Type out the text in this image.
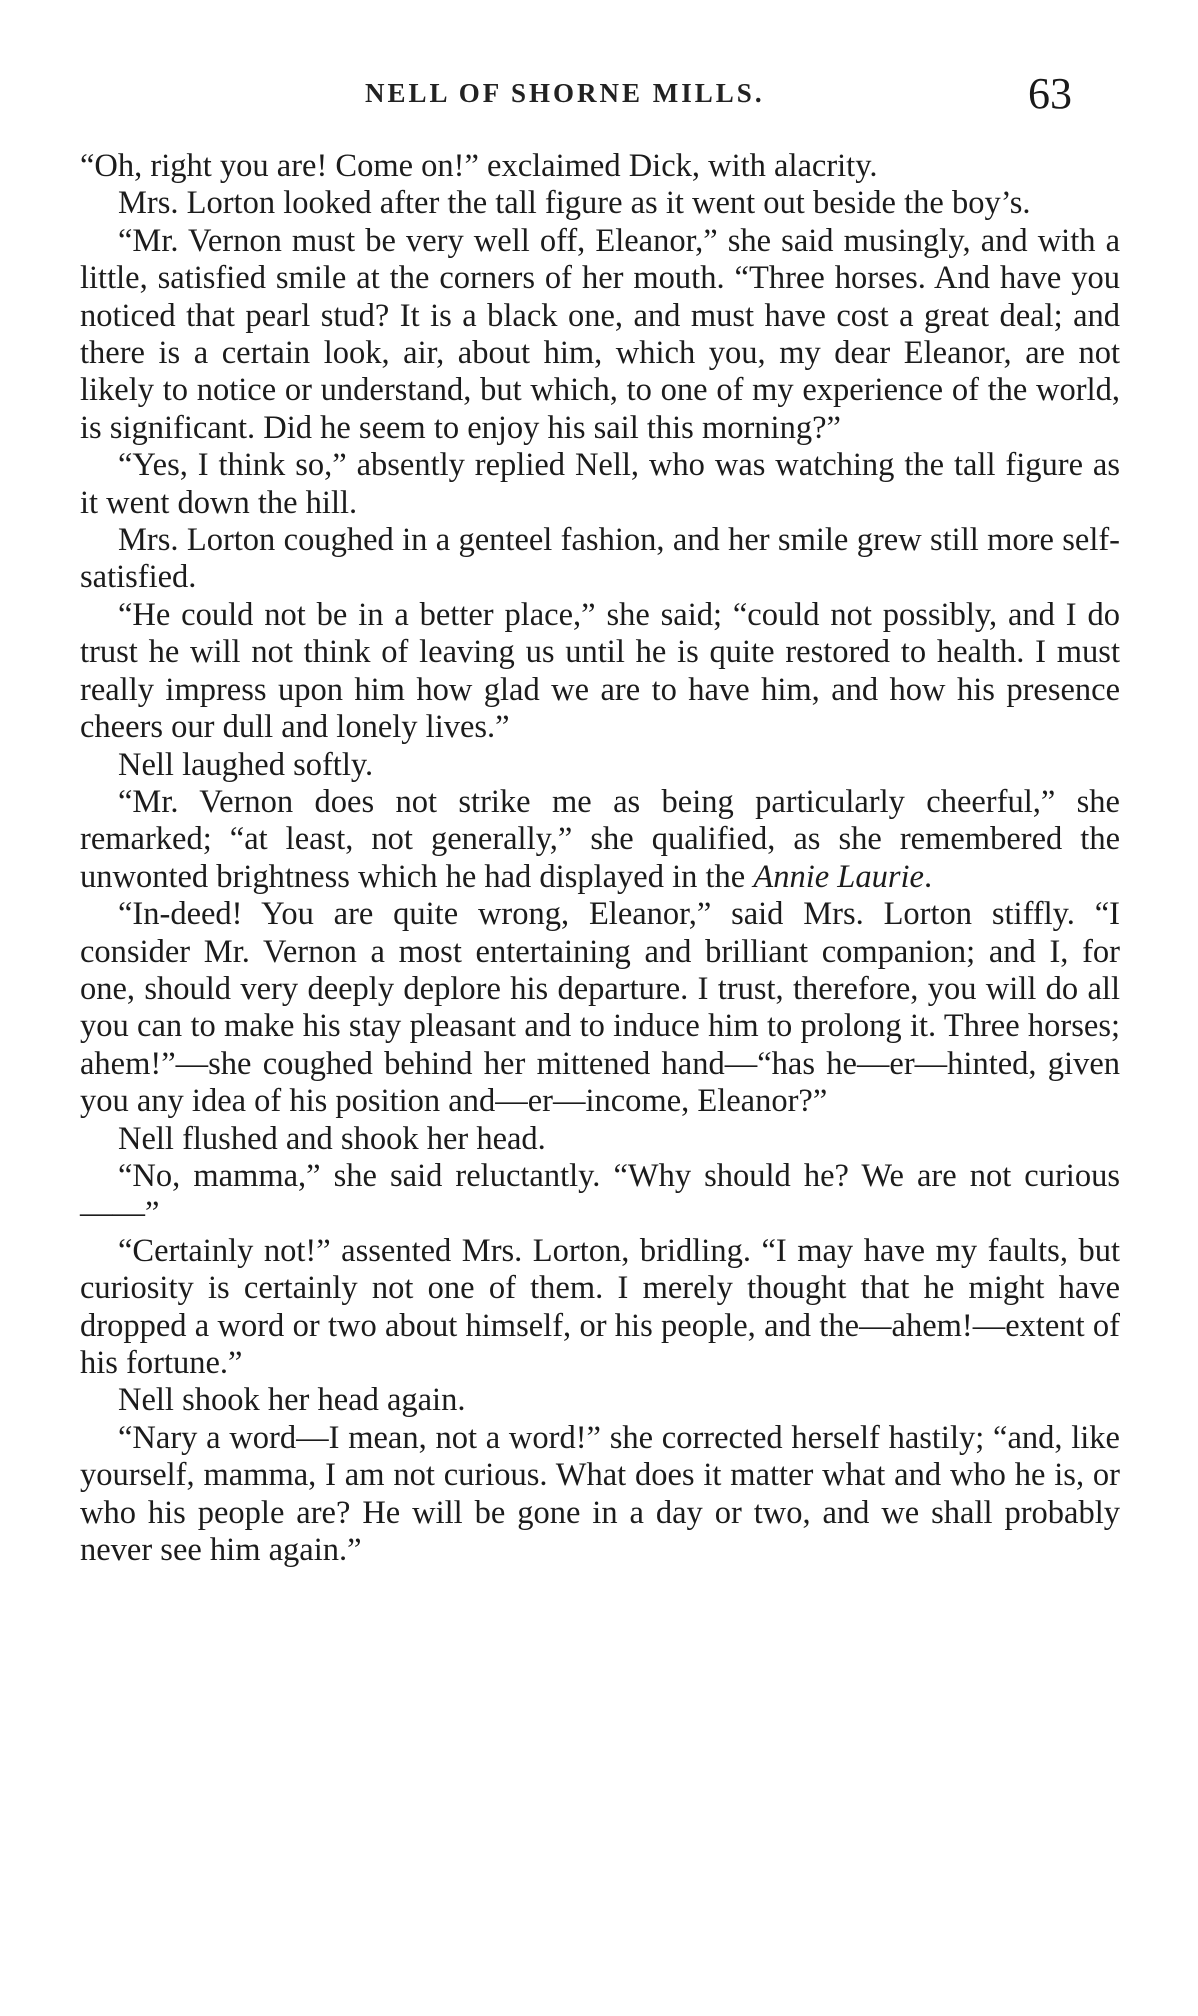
NELL OF SHORNE MILLS.	63

“Oh, right you are! Come on!” exclaimed Dick, with alacrity.

Mrs. Lorton looked after the tall figure as it went out beside the boy’s.

“Mr. Vernon must be very well off, Eleanor,” she said musingly, and with a little, satisfied smile at the corners of her mouth. “Three horses. And have you noticed that pearl stud? It is a black one, and must have cost a great deal; and there is a certain look, air, about him, which you, my dear Eleanor, are not likely to notice or understand, but which, to one of my experience of the world, is significant. Did he seem to enjoy his sail this morning?”

“Yes, I think so,” absently replied Nell, who was watching the tall figure as it went down the hill.

Mrs. Lorton coughed in a genteel fashion, and her smile grew still more self-satisfied.

“He could not be in a better place,” she said; “could not possibly, and I do trust he will not think of leaving us until he is quite restored to health. I must really impress upon him how glad we are to have him, and how his presence cheers our dull and lonely lives.”

Nell laughed softly.

“Mr. Vernon does not strike me as being particularly cheerful,” she remarked; “at least, not generally,” she qualified, as she remembered the unwonted brightness which he had displayed in the Annie Laurie.

“In-deed! You are quite wrong, Eleanor,” said Mrs. Lorton stiffly. “I consider Mr. Vernon a most entertaining and brilliant companion; and I, for one, should very deeply deplore his departure. I trust, therefore, you will do all you can to make his stay pleasant and to induce him to prolong it. Three horses; ahem!”—she coughed behind her mittened hand—“has he—er—hinted, given you any idea of his position and—er—income, Eleanor?”

Nell flushed and shook her head.

“No, mamma,” she said reluctantly. “Why should he? We are not curious——”

“Certainly not!” assented Mrs. Lorton, bridling. “I may have my faults, but curiosity is certainly not one of them. I merely thought that he might have dropped a word or two about himself, or his people, and the—ahem!—extent of his fortune.”

Nell shook her head again.

“Nary a word—I mean, not a word!” she corrected herself hastily; “and, like yourself, mamma, I am not curious. What does it matter what and who he is, or who his people are? He will be gone in a day or two, and we shall probably never see him again.”
